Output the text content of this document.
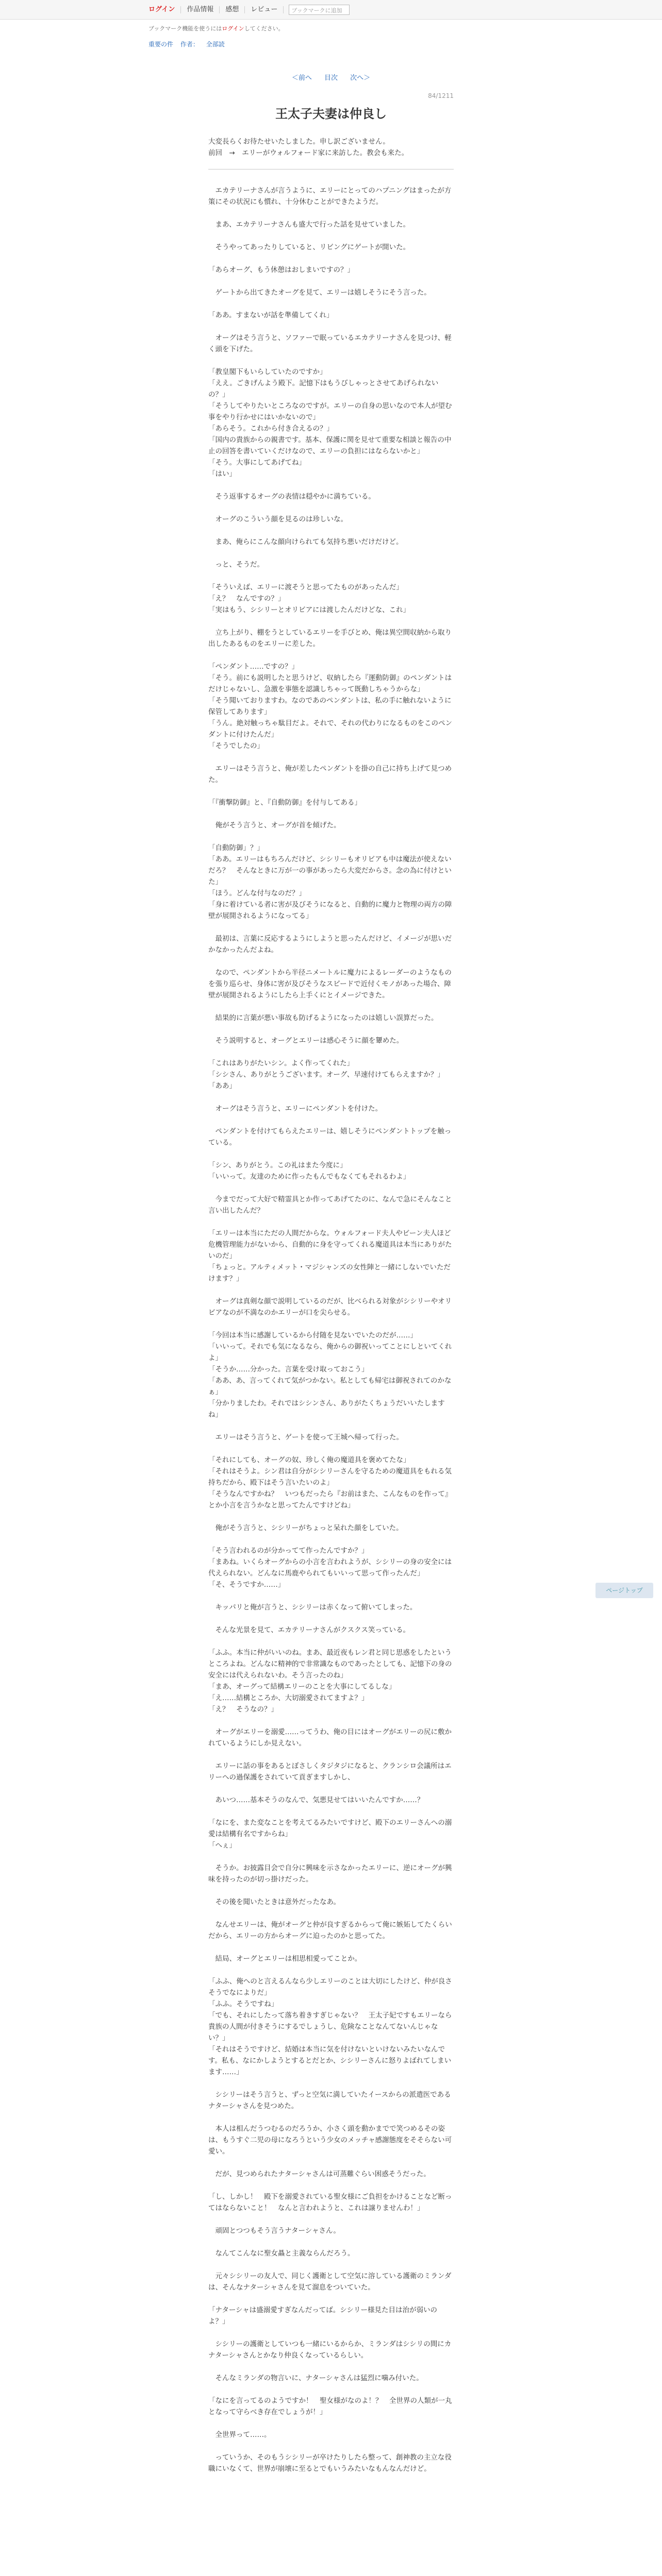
ログイン	作品情報	感想	レビュー	ブックマークに追加
ブックマーク機能を使うにはログインしてください。
重要の件 作者： 全部読
＜前へ 目次 次へ＞
84/1211
王太子夫妻は仲良し

大変長らくお待たせいたしました。申し訳ございません。

前回　→　エリーがウォルフォード家に来訪した。教会も来た。

　エカテリーナさんが言うように、エリーにとってのハプニングはまったが方策にその状況にも慣れ、十分休むことができたようだ。

　まあ、エカテリーナさんも盛大で行った話を見せていました。

　そうやってあったりしていると、リビングにゲートが開いた。

「あらオーグ、もう休憩はおしまいですの？」

　ゲートから出てきたオーグを見て、エリーは嬉しそうにそう言った。

「ああ。すまないが話を準備してくれ」

　オーグはそう言うと、ソファーで眠っているエカテリーナさんを見つけ、軽く頭を下げた。

「教皇閣下もいらしていたのですか」

「ええ。ごきげんよう殿下。記憶下はもうびしゃっとさせてあげられないの？」

「そうしてやりたいところなのですが。エリーの自身の思いなので本人が望む事をやり行かせにはいかないので」

「あらそう。これから付き合えるの？」

「国内の貴族からの親書です。基本、保護に関を見せて重要な相談と報告の中止の回答を書いていくだけなので、エリーの負担にはならないかと」

「そう。大事にしてあげてね」

「はい」

　そう返事するオーグの表情は穏やかに満ちている。

　オーグのこういう顔を見るのは珍しいな。

　まあ、俺らにこんな顔向けられても気持ち悪いだけだけど。

　っと、そうだ。

「そういえば、エリーに渡そうと思ってたものがあったんだ」

「え？　なんですの？」

「実はもう、シシリーとオリビアには渡したんだけどな、これ」

　立ち上がり、棚をうとしているエリーを手びとめ、俺は異空間収納から取り出したあるものをエリーに差した。

「ペンダント……ですの？」

「そう。前にも説明したと思うけど、収納したら『運動防御』のペンダントはだけじゃないし、急激を事態を認識しちゃって既動しちゃうからな」

「そう聞いておりますわ。なのであのペンダントは、私の手に触れないように保管してあります」

「うん。絶対触っちゃ駄目だよ。それで、それの代わりになるものをこのペンダントに付けたんだ」

「そうでしたの」

　エリーはそう言うと、俺が差したペンダントを掛の自己に持ち上げて見つめた。

「『衝撃防御』と、『自動防御』を付与してある」

　俺がそう言うと、オーグが首を傾げた。

「自動防御」？」

「ああ。エリーはもちろんだけど、シシリーもオリビアも中は魔法が使えないだろ？　そんなときに万が一の事があったら大変だからさ。念の為に付けといた」

「ほう。どんな付与なのだ？」

「身に着けている者に害が及びそうになると、自動的に魔力と物理の両方の障壁が展開されるようになってる」

　最初は、言葉に反応するようにしようと思ったんだけど、イメージが思いだかなかったんだよね。

　なので、ペンダントから半径ニメートルに魔力によるレーダーのようなものを張り巡らせ、身体に害が及びそうなスピードで近付くモノがあった場合、障壁が展開されるようにしたら上手くにとイメージできた。

　結果的に言葉が悪い事故も防げるようになったのは嬉しい誤算だった。

　そう説明すると、オーグとエリーは感心そうに顔を顰めた。

「これはありがたいシン。よく作ってくれた」

「シシさん、ありがとうございます。オーグ、早速付けてもらえますか？」

「ああ」

　オーグはそう言うと、エリーにペンダントを付けた。

　ペンダントを付けてもらえたエリーは、嬉しそうにペンダントトップを触っている。

「シン、ありがとう。この礼はまた今度に」

「いいって。友達のために作ったもんでもなくてもそれるわよ」

　今までだって大好で精霊具とか作ってあげてたのに、なんで急にそんなこと言い出したんだ？

「エリーは本当にただの人間だからな。ウォルフォード夫人やビーン夫人ほど危機管理能力がないから、自動的に身を守ってくれる魔道具は本当にありがたいのだ」

「ちょっと。アルティメット・マジシャンズの女性陣と一緒にしないでいただけます？」

　オーグは真剣な顔で説明しているのだが、比べられる対象がシシリーやオリビアなのが不満なのかエリーが口を尖らせる。

「今回は本当に感謝しているから付随を見ないでいたのだが……」

「いいって。それでも気になるなら、俺からの御祝いってことにしといてくれよ」

「そうか……分かった。言葉を受け取っておこう」

「ああ、あ、言ってくれて気がつかない。私としても帰宅は御祝されてのかなぁ」

「分かりましたわ。それではシシンさん、ありがたくちょうだいいたしますね」

　エリーはそう言うと、ゲートを使って王城へ帰って行った。

「それにしても、オーグの奴、珍しく俺の魔道具を褒めてたな」

「それはそうよ。シン君は自分がシシリーさんを守るための魔道具をもれる気持ちだから、殿下はそう言いたいのよ」

「そうなんですかね？　いつもだったら『お前はまた、こんなものを作って』とか小言を言うかなと思ってたんですけどね」

　俺がそう言うと、シシリーがちょっと呆れた顔をしていた。

「そう言われるのが分かってて作ったんですか？」

「まあね。いくらオーグからの小言を言われようが、シシリーの身の安全には代えられない。どんなに馬鹿やられてもいいって思って作ったんだ」

「そ、そうですか……」

　キッパリと俺が言うと、シシリーは赤くなって俯いてしまった。

　そんな光景を見て、エカテリーナさんがクスクス笑っている。

「ふふ。本当に仲がいいのね。まあ、最近夜もレン君と同じ思惑をしたというところよね。どんなに精神的で非常識なものであったとしても、記憶下の身の安全には代えられないわ。そう言ったのね」

「まあ、オーグって結構エリーのことを大事にしてるしな」

「え……結構ところか、大切溺愛されてますよ？」

「え？　そうなの？」

　オーグがエリーを溺愛……ってうわ、俺の目にはオーグがエリーの尻に敷かれているようにしか見えない。

　エリーに話の事をあるとぼさしくタジタジになると、クランシロ会議所はエリーへの過保護をされていて貢ぎますしかし、

　あいつ……基本そうのなんで、気悪見せてはいいたんですか……？

「なにを、また変なことを考えてるみたいですけど、殿下のエリーさんへの溺愛は結構有名ですからね」

「へぇ」

　そうか。お披露目会で自分に興味を示さなかったエリーに、逆にオーグが興味を持ったのが切っ掛けだった。

　その後を聞いたときは意外だったなあ。

　なんせエリーは、俺がオーグと仲が良すぎるからって俺に嫉妬してたくらいだから、エリーの方からオーグに迫ったのかと思ってた。

　結局、オーグとエリーは相思相愛ってことか。

「ふふ、俺へのと言えるんなら少しエリーのことは大切にしたけど、仲が良さそうでなによりだ」

「ふふ。そうですね」

「でも、それにしたって落ち着きすぎじゃない？　王太子妃ですもエリーなら貴族の人間が付きそうにするでしょうし、危険なことなんてないんじゃない？」

「それはそうですけど、結婚は本当に気を付けないといけないみたいなんです。私も、なにかしようとするとだとか、シシリーさんに怒りよばれてしまいます……」

　シシリーはそう言うと、ずっと空気に満していたイースからの派遣医であるナターシャさんを見つめた。

　本人は相んだうつむるのだろうか、小さく頭を動かまでで笑つめるその姿は、もうすぐ二児の母になろうという少女のメッチャ感謝態度をそそらない可愛い。

　だが、見つめられたナターシャさんは可蒸難ぐらい困惑そうだった。

「し、しかし！　殿下を溺愛されている聖女様にご負担をかけることなど断ってはならないこと！　なんと言われようと、これは譲りませんわ！」

　頑固とつつもそう言うナターシャさん。

　なんてこんなに聖女贔と主義ならんだろう。

　元々シシリーの友人で、同じく護衛として空気に溶している護衛のミランダは、そんなナターシャさんを見て溜息をついていた。

「ナターシャは盛溺愛すぎなんだってば。シシリー様見た目は治が弱いのよ？」

　シシリーの護衛としていつも一緒にいるからか、ミランダはシシリの間にカナターシャさんとかなり仲良くなっているらしい。

　そんなミランダの物言いに、ナターシャさんは猛烈に噛み付いた。

「なにを言ってるのようですか！　聖女様がなのよ！？　全世界の人類が一丸となって守らべき存在でしょうが！」

　全世界って……。

　っていうか、そのもうシシリーが卒けたりしたら整って、創神教の主立な役職にいなくて、世界が崩壊に至るとでもいうみたいなもんなんだけど。

ページトップ
